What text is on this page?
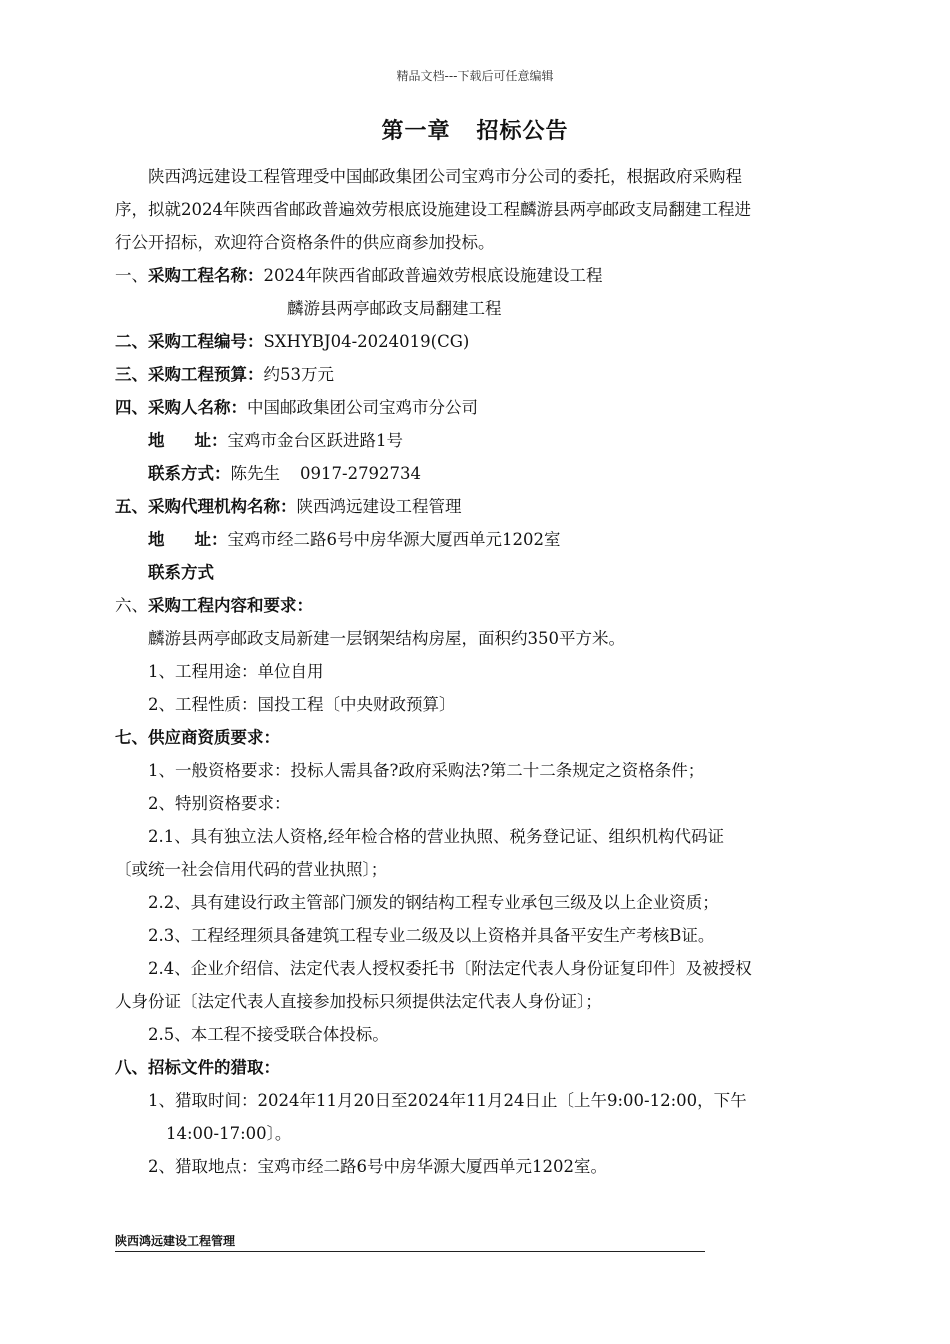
精品文档---下载后可任意编辑
第一章 招标公告
陕西鸿远建设工程管理受中国邮政集团公司宝鸡市分公司的委托，根据政府采购程
序，拟就2024年陕西省邮政普遍效劳根底设施建设工程麟游县两亭邮政支局翻建工程进
行公开招标，欢迎符合资格条件的供应商参加投标。
一、采购工程名称：2024年陕西省邮政普遍效劳根底设施建设工程
麟游县两亭邮政支局翻建工程
二、采购工程编号：SXHYBJ04-2024019(CG)
三、采购工程预算：约53万元
四、采购人名称：中国邮政集团公司宝鸡市分公司
地 址：宝鸡市金台区跃进路1号
联系方式：陈先生 0917-2792734
五、采购代理机构名称：陕西鸿远建设工程管理
地 址：宝鸡市经二路6号中房华源大厦西单元1202室
联系方式
六、采购工程内容和要求：
麟游县两亭邮政支局新建一层钢架结构房屋，面积约350平方米。
1、工程用途：单位自用
2、工程性质：国投工程〔中央财政预算〕
七、供应商资质要求：
1、一般资格要求：投标人需具备?政府采购法?第二十二条规定之资格条件；
2、特别资格要求：
2.1、具有独立法人资格,经年检合格的营业执照、税务登记证、组织机构代码证
〔或统一社会信用代码的营业执照〕；
2.2、具有建设行政主管部门颁发的钢结构工程专业承包三级及以上企业资质；
2.3、工程经理须具备建筑工程专业二级及以上资格并具备平安生产考核B证。
2.4、企业介绍信、法定代表人授权委托书〔附法定代表人身份证复印件〕及被授权
人身份证〔法定代表人直接参加投标只须提供法定代表人身份证〕；
2.5、本工程不接受联合体投标。
八、招标文件的猎取：
1、猎取时间：2024年11月20日至2024年11月24日止〔上午9:00-12:00，下午
14:00-17:00〕。
2、猎取地点：宝鸡市经二路6号中房华源大厦西单元1202室。
陕西鸿远建设工程管理
